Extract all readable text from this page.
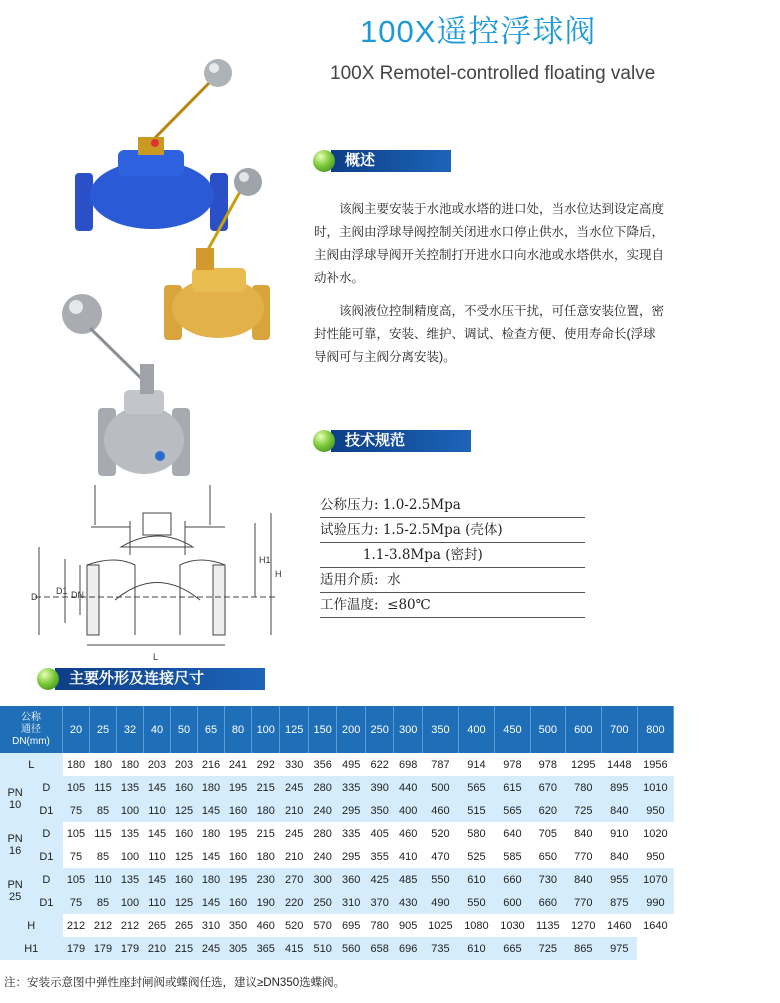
100X遥控浮球阀
100X Remotel-controlled floating valve
概述
该阀主要安装于水池或水塔的进口处，当水位达到设定高度时，主阀由浮球导阀控制关闭进水口停止供水，当水位下降后，主阀由浮球导阀开关控制打开进水口向水池或水塔供水，实现自动补水。
该阀液位控制精度高，不受水压干扰，可任意安装位置，密封性能可靠，安装、维护、调试、检查方便、使用寿命长(浮球导阀可与主阀分离安装)。
技术规范
公称压力: 1.0-2.5Mpa
试验压力: 1.5-2.5Mpa (壳体)
1.1-3.8Mpa (密封)
适用介质:  水
工作温度:  ≤80℃
D
D1 DN
H1
H
L
主要外形及连接尺寸
公称
通径
DN(mm)		20	25	32	40	50	65	80	100	125	150	200	250	300	350	400	450	500	600	700	800
L		180	180	180	203	203	216	241	292	330	356	495	622	698	787	914	978	978	1295	1448	1956
PN
10	D	105	115	135	145	160	180	195	215	245	280	335	390	440	500	565	615	670	780	895	1010
	D1	75	85	100	110	125	145	160	180	210	240	295	350	400	460	515	565	620	725	840	950
PN
16	D	105	115	135	145	160	180	195	215	245	280	335	405	460	520	580	640	705	840	910	1020
	D1	75	85	100	110	125	145	160	180	210	240	295	355	410	470	525	585	650	770	840	950
PN
25	D	105	110	135	145	160	180	195	230	270	300	360	425	485	550	610	660	730	840	955	1070
	D1	75	85	100	110	125	145	160	190	220	250	310	370	430	490	550	600	660	770	875	990
H		212	212	212	265	265	310	350	460	520	570	695	780	905	1025	1080	1030	1135	1270	1460	1640
H1		179	179	179	210	215	245	305	365	415	510	560	658	696	735	610	665	725	865	975	
注：安装示意图中弹性座封闸阀或蝶阀任选，建议≥DN350选蝶阀。
